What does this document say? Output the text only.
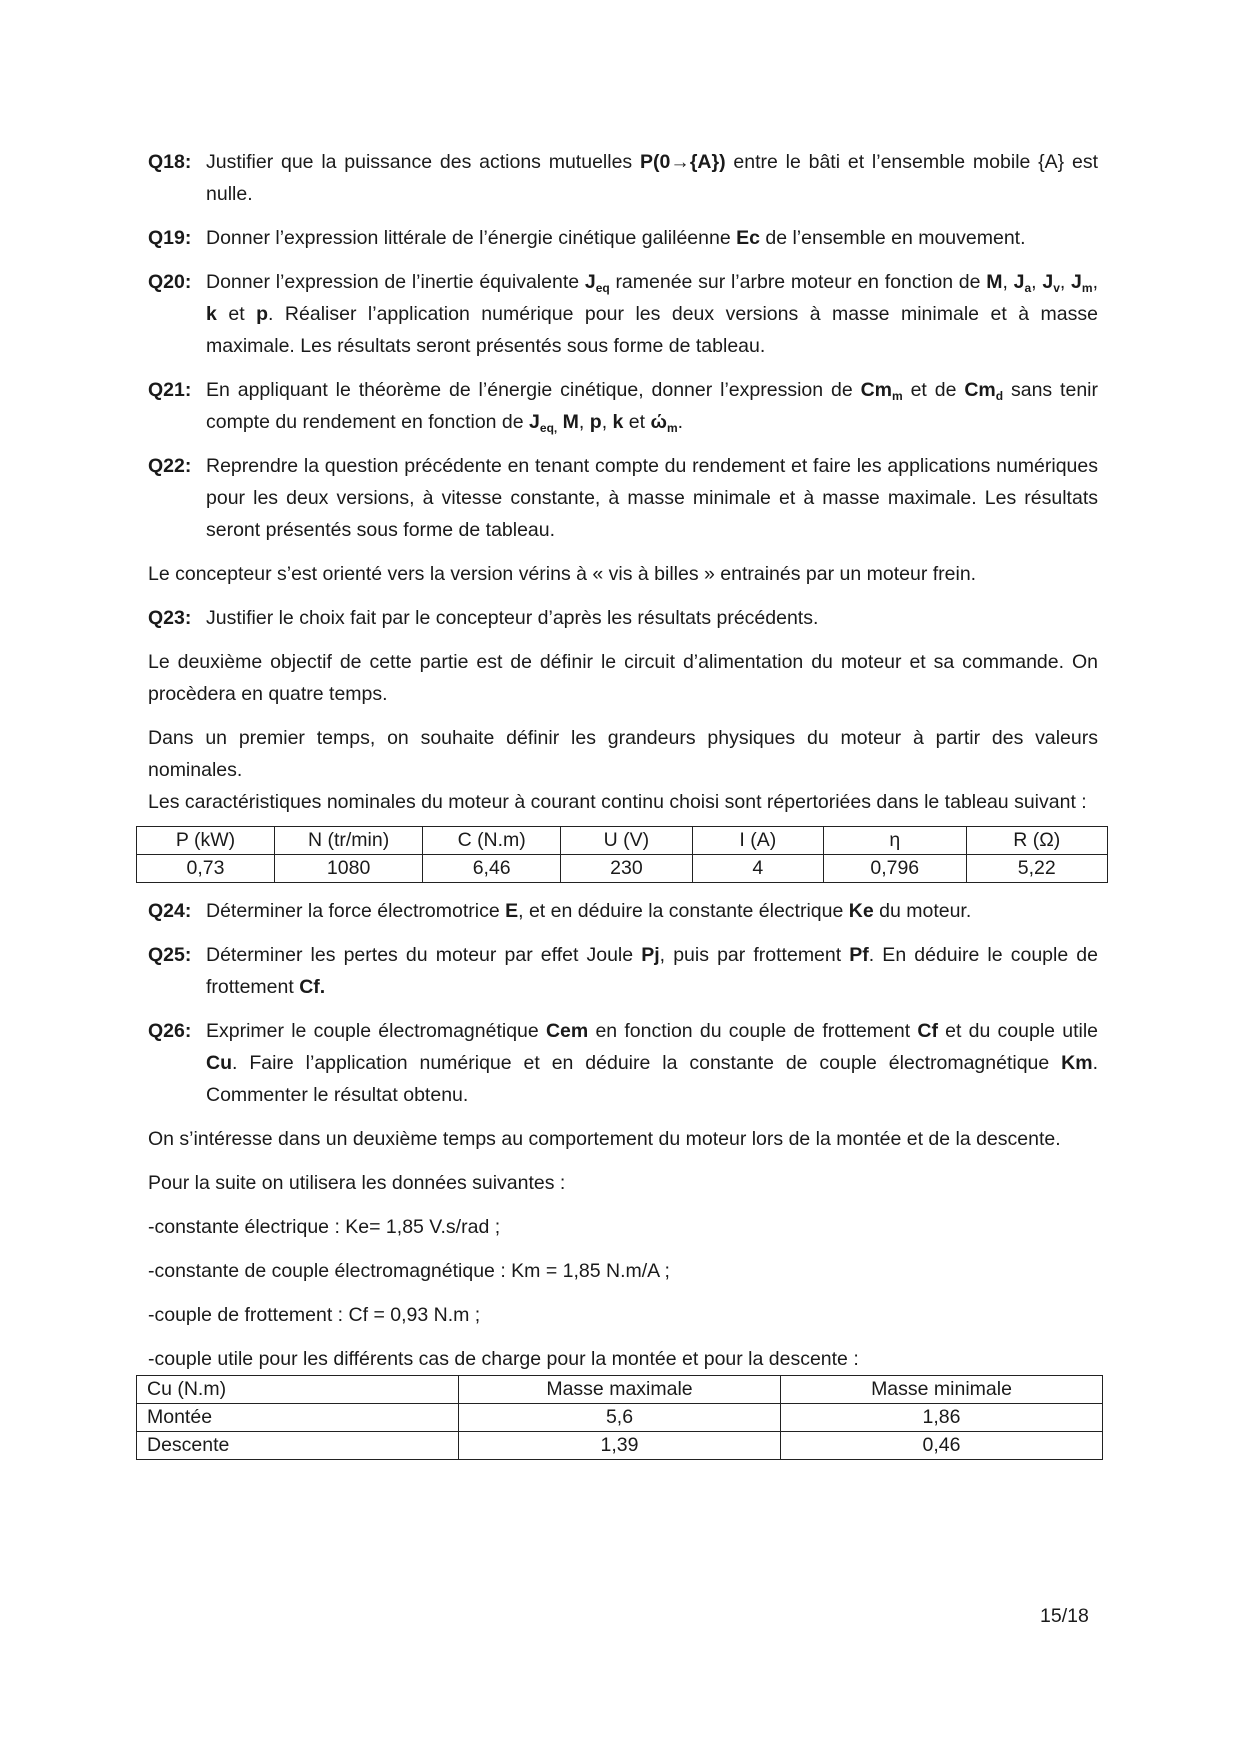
Q18: Justifier que la puissance des actions mutuelles P(0→{A}) entre le bâti et l’ensemble mobile {A} est nulle.
Q19: Donner l’expression littérale de l’énergie cinétique galiléenne Ec de l’ensemble en mouvement.
Q20: Donner l’expression de l’inertie équivalente $J_{eq}$ ramenée sur l’arbre moteur en fonction de M, $J_a$, $J_v$, $J_m$, k et p. Réaliser l’application numérique pour les deux versions à masse minimale et à masse maximale. Les résultats seront présentés sous forme de tableau.
Q21: En appliquant le théorème de l’énergie cinétique, donner l’expression de $Cm_m$ et de $Cm_d$ sans tenir compte du rendement en fonction de $J_{eq,}$ M, p, k et $ώ_m$.
Q22: Reprendre la question précédente en tenant compte du rendement et faire les applications numériques pour les deux versions, à vitesse constante, à masse minimale et à masse maximale. Les résultats seront présentés sous forme de tableau.
Le concepteur s’est orienté vers la version vérins à « vis à billes » entrainés par un moteur frein.
Q23: Justifier le choix fait par le concepteur d’après les résultats précédents.
Le deuxième objectif de cette partie est de définir le circuit d’alimentation du moteur et sa commande. On procèdera en quatre temps.
Dans un premier temps, on souhaite définir les grandeurs physiques du moteur à partir des valeurs nominales.
Les caractéristiques nominales du moteur à courant continu choisi sont répertoriées dans le tableau suivant :
P (kW)	N (tr/min)	C (N.m)	U (V)	I (A)	η	R (Ω)
0,73	1080	6,46	230	4	0,796	5,22
Q24: Déterminer la force électromotrice E, et en déduire la constante électrique Ke du moteur.
Q25: Déterminer les pertes du moteur par effet Joule Pj, puis par frottement Pf. En déduire le couple de frottement Cf.
Q26: Exprimer le couple électromagnétique Cem en fonction du couple de frottement Cf et du couple utile Cu. Faire l’application numérique et en déduire la constante de couple électromagnétique Km. Commenter le résultat obtenu.
On s’intéresse dans un deuxième temps au comportement du moteur lors de la montée et de la descente.
Pour la suite on utilisera les données suivantes :
-constante électrique : Ke= 1,85 V.s/rad ;
-constante de couple électromagnétique : Km = 1,85 N.m/A ;
-couple de frottement : Cf = 0,93 N.m ;
-couple utile pour les différents cas de charge pour la montée et pour la descente :
Cu (N.m)	Masse maximale	Masse minimale
Montée	5,6	1,86
Descente	1,39	0,46
15/18
